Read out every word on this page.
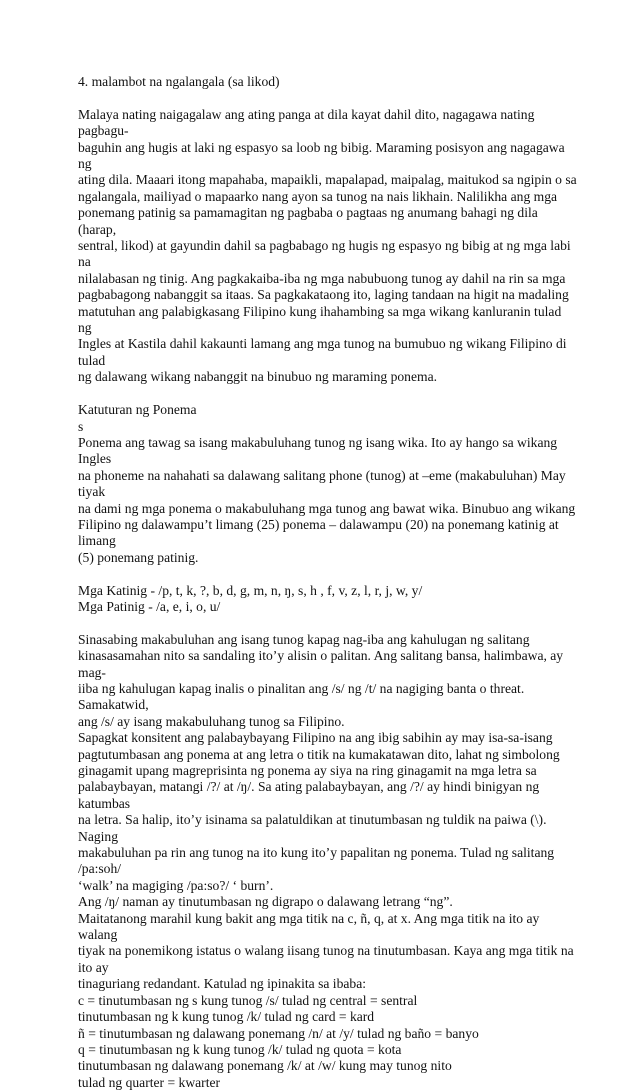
4. malambot na ngalangala (sa likod)

Malaya nating naigagalaw ang ating panga at dila kayat dahil dito, nagagawa nating pagbagu-

baguhin ang hugis at laki ng espasyo sa loob ng bibig. Maraming posisyon ang nagagawa ng

ating dila. Maaari itong mapahaba, mapaikli, mapalapad, maipalag, maitukod sa ngipin o sa

ngalangala, mailiyad o mapaarko nang ayon sa tunog na nais likhain. Nalilikha ang mga

ponemang patinig sa pamamagitan ng pagbaba o pagtaas ng anumang bahagi ng dila (harap,

sentral, likod) at gayundin dahil sa pagbabago ng hugis ng espasyo ng bibig at ng mga labi na

nilalabasan ng tinig. Ang pagkakaiba-iba ng mga nabubuong tunog ay dahil na rin sa mga

pagbabagong nabanggit sa itaas. Sa pagkakataong ito, laging tandaan na higit na madaling

matutuhan ang palabigkasang Filipino kung ihahambing sa mga wikang kanluranin tulad ng

Ingles at Kastila dahil kakaunti lamang ang mga tunog na bumubuo ng wikang Filipino di tulad

ng dalawang wikang nabanggit na binubuo ng maraming ponema.

Katuturan ng Ponema

s

Ponema ang tawag sa isang makabuluhang tunog ng isang wika. Ito ay hango sa wikang Ingles

na phoneme na nahahati sa dalawang salitang phone (tunog) at –eme (makabuluhan) May tiyak

na dami ng mga ponema o makabuluhang mga tunog ang bawat wika. Binubuo ang wikang

Filipino ng dalawampu’t limang (25) ponema – dalawampu (20) na ponemang katinig at limang

(5) ponemang patinig.

Mga Katinig - /p, t, k, ?, b, d, g, m, n, ŋ, s, h , f, v, z, l, r, j, w, y/

Mga Patinig - /a, e, i, o, u/

Sinasabing makabuluhan ang isang tunog kapag nag-iba ang kahulugan ng salitang

kinasasamahan nito sa sandaling ito’y alisin o palitan. Ang salitang bansa, halimbawa, ay mag-

iiba ng kahulugan kapag inalis o pinalitan ang /s/ ng /t/ na nagiging banta o threat. Samakatwid,

ang /s/ ay isang makabuluhang tunog sa Filipino.

Sapagkat konsitent ang palabaybayang Filipino na ang ibig sabihin ay may isa-sa-isang

pagtutumbasan ang ponema at ang letra o titik na kumakatawan dito, lahat ng simbolong

ginagamit upang magreprisinta ng ponema ay siya na ring ginagamit na mga letra sa

palabaybayan, matangi /?/ at /ŋ/. Sa ating palabaybayan, ang /?/ ay hindi binigyan ng katumbas

na letra. Sa halip, ito’y isinama sa palatuldikan at tinutumbasan ng tuldik na paiwa (\). Naging

makabuluhan pa rin ang tunog na ito kung ito’y papalitan ng ponema. Tulad ng salitang /pa:soh/

‘walk’ na magiging /pa:so?/ ‘ burn’.

Ang /ŋ/ naman ay tinutumbasan ng digrapo o dalawang letrang “ng”.

Maitatanong marahil kung bakit ang mga titik na c, ñ, q, at x. Ang mga titik na ito ay walang

tiyak na ponemikong istatus o walang iisang tunog na tinutumbasan. Kaya ang mga titik na ito ay

tinaguriang redandant. Katulad ng ipinakita sa ibaba:

c = tinutumbasan ng s kung tunog /s/ tulad ng central = sentral

tinutumbasan ng k kung tunog /k/ tulad ng card = kard

ñ = tinutumbasan ng dalawang ponemang /n/ at /y/ tulad ng baño = banyo

q = tinutumbasan ng k kung tunog /k/ tulad ng quota = kota

tinutumbasan ng dalawang ponemang /k/ at /w/ kung may tunog nito

tulad ng quarter = kwarter
